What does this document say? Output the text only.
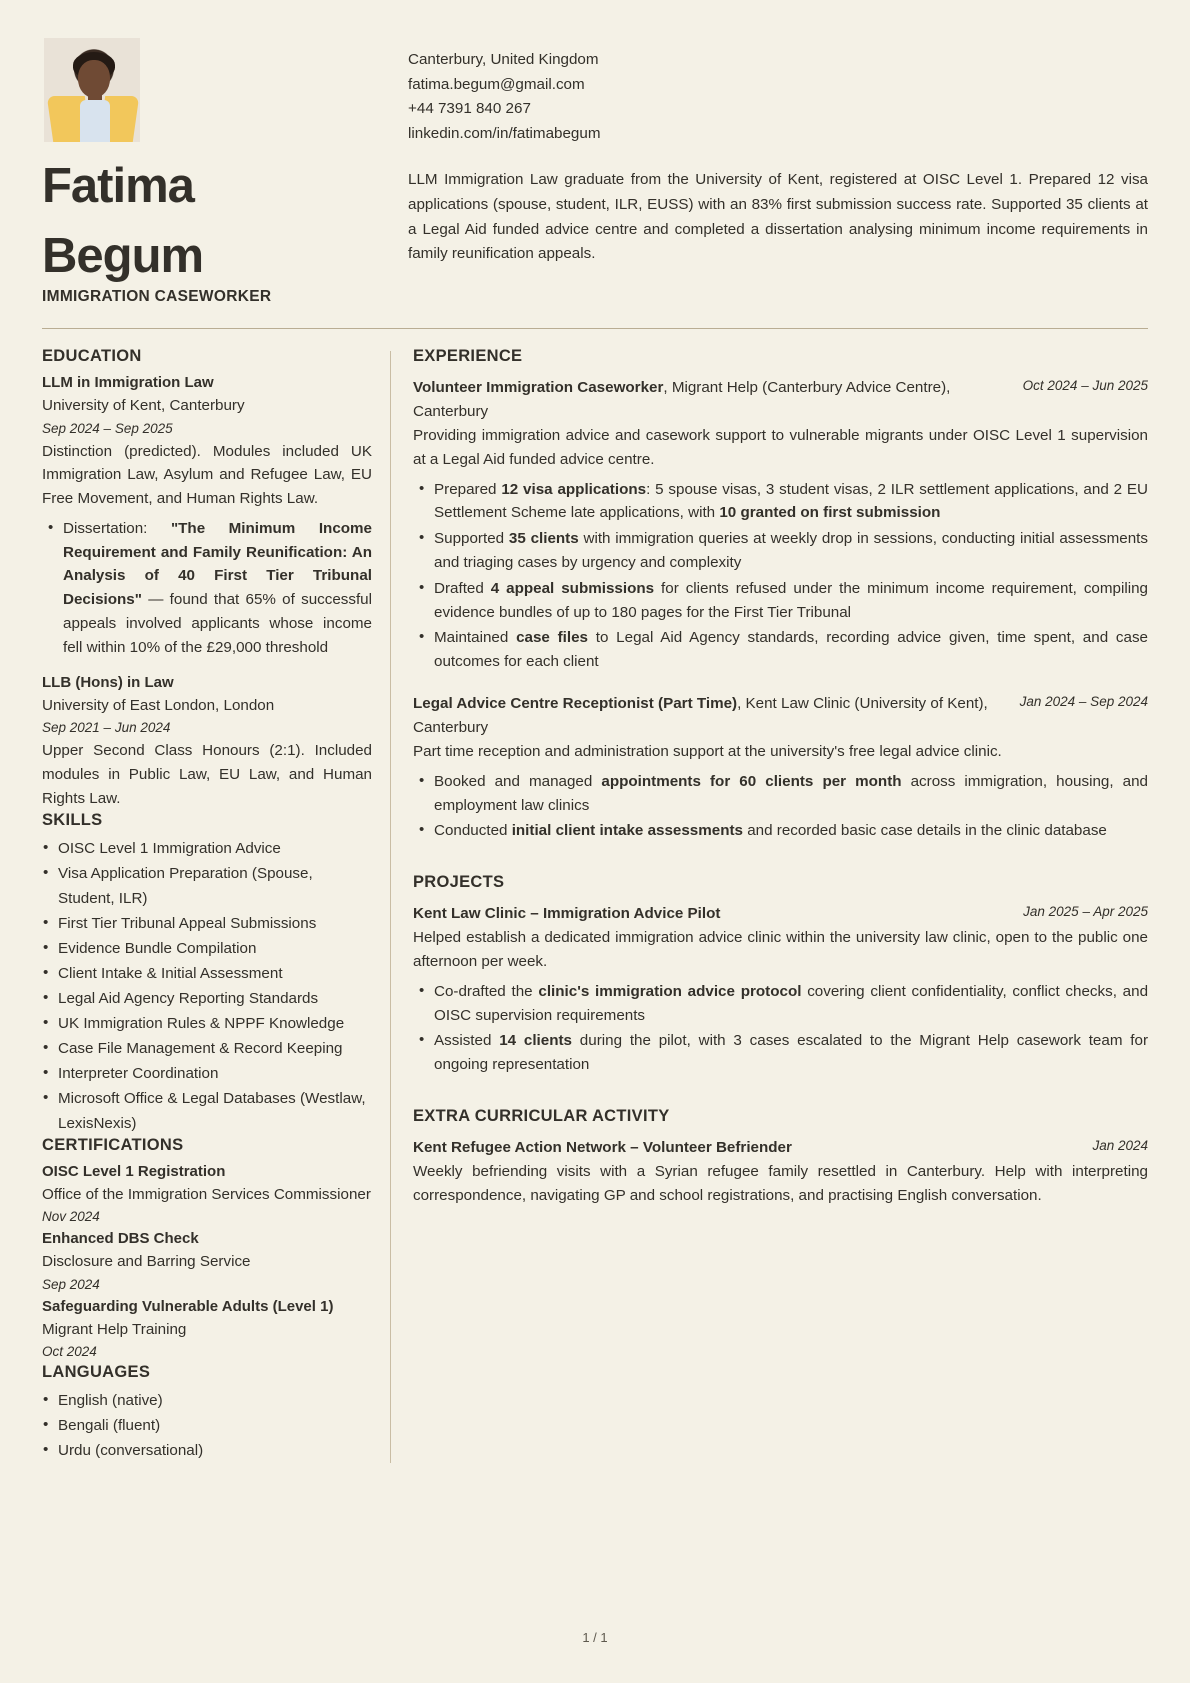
Fatima
Begum
IMMIGRATION CASEWORKER
Canterbury, United Kingdom
fatima.begum@gmail.com
+44 7391 840 267
linkedin.com/in/fatimabegum
LLM Immigration Law graduate from the University of Kent, registered at OISC Level 1. Prepared 12 visa applications (spouse, student, ILR, EUSS) with an 83% first submission success rate. Supported 35 clients at a Legal Aid funded advice centre and completed a dissertation analysing minimum income requirements in family reunification appeals.
EDUCATION
LLM in Immigration Law
University of Kent, Canterbury
Sep 2024 – Sep 2025
Distinction (predicted). Modules included UK Immigration Law, Asylum and Refugee Law, EU Free Movement, and Human Rights Law.
• Dissertation: "The Minimum Income Requirement and Family Reunification: An Analysis of 40 First Tier Tribunal Decisions" — found that 65% of successful appeals involved applicants whose income fell within 10% of the £29,000 threshold
LLB (Hons) in Law
University of East London, London
Sep 2021 – Jun 2024
Upper Second Class Honours (2:1). Included modules in Public Law, EU Law, and Human Rights Law.
SKILLS
• OISC Level 1 Immigration Advice
• Visa Application Preparation (Spouse, Student, ILR)
• First Tier Tribunal Appeal Submissions
• Evidence Bundle Compilation
• Client Intake & Initial Assessment
• Legal Aid Agency Reporting Standards
• UK Immigration Rules & NPPF Knowledge
• Case File Management & Record Keeping
• Interpreter Coordination
• Microsoft Office & Legal Databases (Westlaw, LexisNexis)
CERTIFICATIONS
OISC Level 1 Registration
Office of the Immigration Services Commissioner
Nov 2024
Enhanced DBS Check
Disclosure and Barring Service
Sep 2024
Safeguarding Vulnerable Adults (Level 1)
Migrant Help Training
Oct 2024
LANGUAGES
• English (native)
• Bengali (fluent)
• Urdu (conversational)
EXPERIENCE
Volunteer Immigration Caseworker, Migrant Help (Canterbury Advice Centre), Canterbury
Oct 2024 – Jun 2025
Providing immigration advice and casework support to vulnerable migrants under OISC Level 1 supervision at a Legal Aid funded advice centre.
• Prepared 12 visa applications: 5 spouse visas, 3 student visas, 2 ILR settlement applications, and 2 EU Settlement Scheme late applications, with 10 granted on first submission
• Supported 35 clients with immigration queries at weekly drop in sessions, conducting initial assessments and triaging cases by urgency and complexity
• Drafted 4 appeal submissions for clients refused under the minimum income requirement, compiling evidence bundles of up to 180 pages for the First Tier Tribunal
• Maintained case files to Legal Aid Agency standards, recording advice given, time spent, and case outcomes for each client
Legal Advice Centre Receptionist (Part Time), Kent Law Clinic (University of Kent), Canterbury
Jan 2024 – Sep 2024
Part time reception and administration support at the university's free legal advice clinic.
• Booked and managed appointments for 60 clients per month across immigration, housing, and employment law clinics
• Conducted initial client intake assessments and recorded basic case details in the clinic database
PROJECTS
Kent Law Clinic – Immigration Advice Pilot	Jan 2025 – Apr 2025
Helped establish a dedicated immigration advice clinic within the university law clinic, open to the public one afternoon per week.
• Co-drafted the clinic's immigration advice protocol covering client confidentiality, conflict checks, and OISC supervision requirements
• Assisted 14 clients during the pilot, with 3 cases escalated to the Migrant Help casework team for ongoing representation
EXTRA CURRICULAR ACTIVITY
Kent Refugee Action Network – Volunteer Befriender	Jan 2024
Weekly befriending visits with a Syrian refugee family resettled in Canterbury. Help with interpreting correspondence, navigating GP and school registrations, and practising English conversation.
1 / 1
